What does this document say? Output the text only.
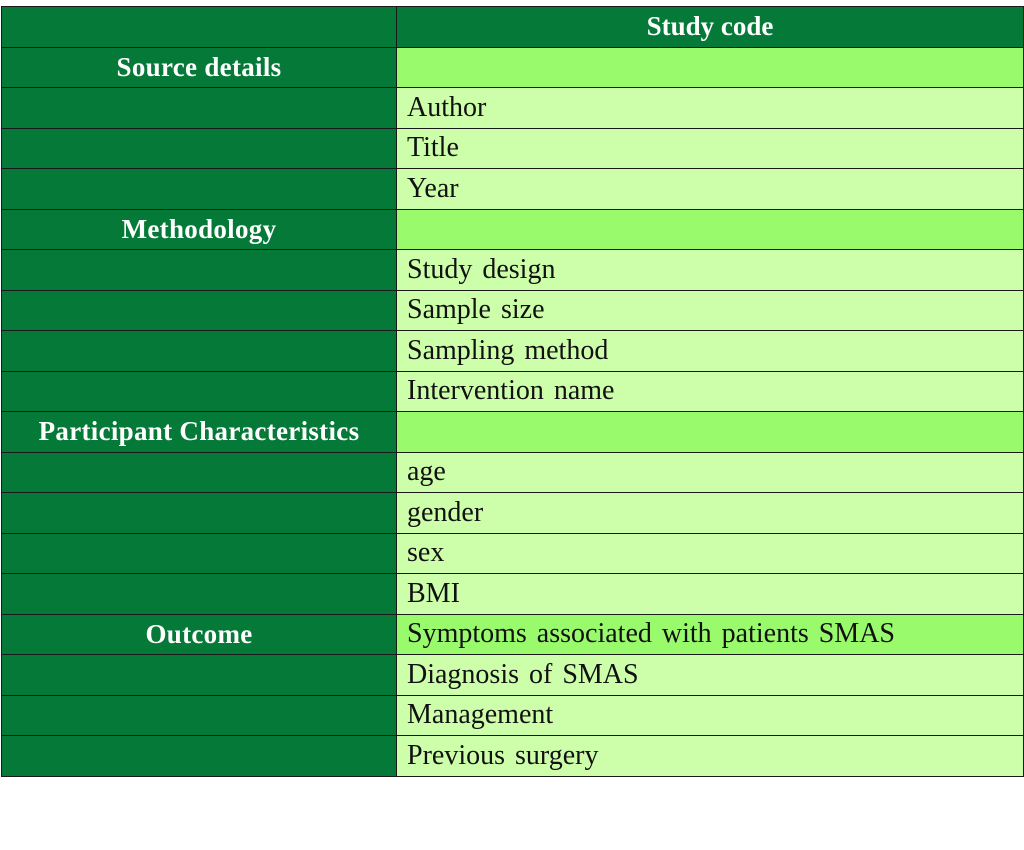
	Study code
Source details	
	Author
	Title
	Year
Methodology	
	Study design
	Sample size
	Sampling method
	Intervention name
Participant Characteristics	
	age
	gender
	sex
	BMI
Outcome	Symptoms associated with patients SMAS
	Diagnosis of SMAS
	Management
	Previous surgery
